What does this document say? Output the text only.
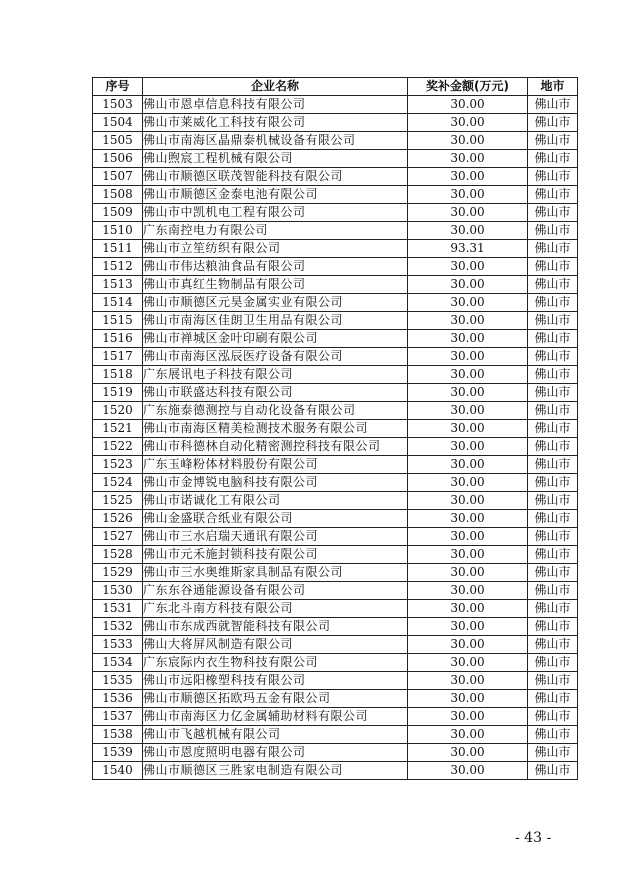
序号	企业名称	奖补金额(万元)	地市
1503	佛山市恩卓信息科技有限公司	30.00	佛山市
1504	佛山市莱威化工科技有限公司	30.00	佛山市
1505	佛山市南海区晶鼎泰机械设备有限公司	30.00	佛山市
1506	佛山煦宸工程机械有限公司	30.00	佛山市
1507	佛山市顺德区联茂智能科技有限公司	30.00	佛山市
1508	佛山市顺德区金泰电池有限公司	30.00	佛山市
1509	佛山市中凯机电工程有限公司	30.00	佛山市
1510	广东南控电力有限公司	30.00	佛山市
1511	佛山市立笙纺织有限公司	93.31	佛山市
1512	佛山市伟达粮油食品有限公司	30.00	佛山市
1513	佛山市真红生物制品有限公司	30.00	佛山市
1514	佛山市顺德区元昊金属实业有限公司	30.00	佛山市
1515	佛山市南海区佳朗卫生用品有限公司	30.00	佛山市
1516	佛山市禅城区金叶印刷有限公司	30.00	佛山市
1517	佛山市南海区泓辰医疗设备有限公司	30.00	佛山市
1518	广东展讯电子科技有限公司	30.00	佛山市
1519	佛山市联盛达科技有限公司	30.00	佛山市
1520	广东施泰德测控与自动化设备有限公司	30.00	佛山市
1521	佛山市南海区精美检测技术服务有限公司	30.00	佛山市
1522	佛山市科德林自动化精密测控科技有限公司	30.00	佛山市
1523	广东玉峰粉体材料股份有限公司	30.00	佛山市
1524	佛山市金博锐电脑科技有限公司	30.00	佛山市
1525	佛山市诺诚化工有限公司	30.00	佛山市
1526	佛山金盛联合纸业有限公司	30.00	佛山市
1527	佛山市三水启瑞天通讯有限公司	30.00	佛山市
1528	佛山市元禾施封锁科技有限公司	30.00	佛山市
1529	佛山市三水奥维斯家具制品有限公司	30.00	佛山市
1530	广东东谷通能源设备有限公司	30.00	佛山市
1531	广东北斗南方科技有限公司	30.00	佛山市
1532	佛山市东成西就智能科技有限公司	30.00	佛山市
1533	佛山大将屏风制造有限公司	30.00	佛山市
1534	广东宸际内衣生物科技有限公司	30.00	佛山市
1535	佛山市远阳橡塑科技有限公司	30.00	佛山市
1536	佛山市顺德区拓欧玛五金有限公司	30.00	佛山市
1537	佛山市南海区力亿金属辅助材料有限公司	30.00	佛山市
1538	佛山市飞越机械有限公司	30.00	佛山市
1539	佛山市恩度照明电器有限公司	30.00	佛山市
1540	佛山市顺德区三胜家电制造有限公司	30.00	佛山市
- 43 -
